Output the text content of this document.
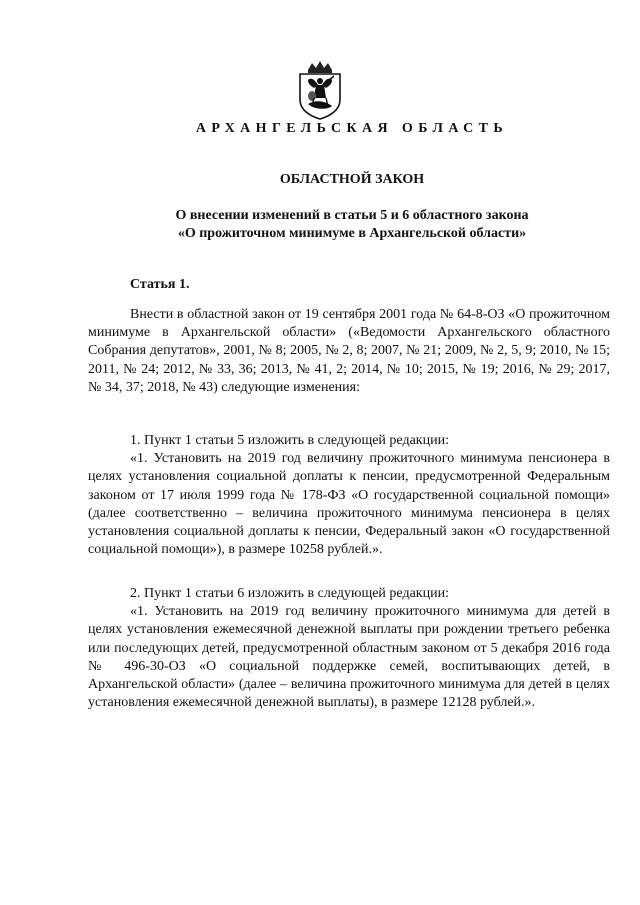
АРХАНГЕЛЬСКАЯ ОБЛАСТЬ
ОБЛАСТНОЙ ЗАКОН
О внесении изменений в статьи 5 и 6 областного закона
«О прожиточном минимуме в Архангельской области»
Статья 1.

Внести в областной закон от 19 сентября 2001 года № 64-8-ОЗ «О прожиточном минимуме в Архангельской области» («Ведомости Архангельского областного Собрания депутатов», 2001, № 8; 2005, № 2, 8; 2007, № 21; 2009, № 2, 5, 9; 2010, № 15; 2011, № 24; 2012, № 33, 36; 2013, № 41, 2; 2014, № 10; 2015, № 19; 2016, № 29; 2017, № 34, 37; 2018, № 43) следующие изменения:

1. Пункт 1 статьи 5 изложить в следующей редакции:

«1. Установить на 2019 год величину прожиточного минимума пенсионера в целях установления социальной доплаты к пенсии, предусмотренной Федеральным законом от 17 июля 1999 года № 178-ФЗ «О государственной социальной помощи» (далее соответственно – величина прожиточного минимума пенсионера в целях установления социальной доплаты к пенсии, Федеральный закон «О государственной социальной помощи»), в размере 10258 рублей.».

2. Пункт 1 статьи 6 изложить в следующей редакции:

«1. Установить на 2019 год величину прожиточного минимума для детей в целях установления ежемесячной денежной выплаты при рождении третьего ребенка или последующих детей, предусмотренной областным законом от 5 декабря 2016 года № 496-30-ОЗ «О социальной поддержке семей, воспитывающих детей, в Архангельской области» (далее – величина прожиточного минимума для детей в целях установления ежемесячной денежной выплаты), в размере 12128 рублей.».
